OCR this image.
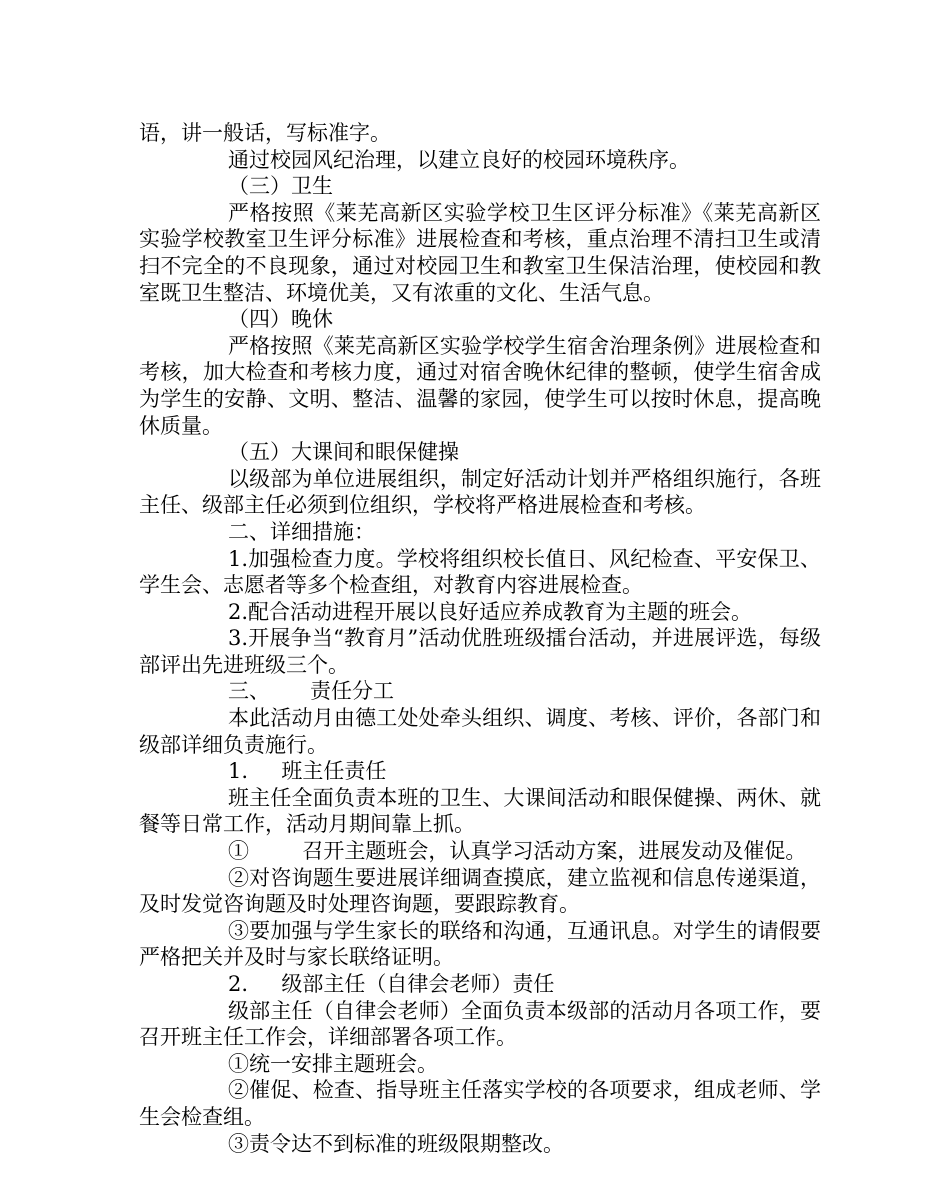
语，讲一般话，写标准字。

通过校园风纪治理，以建立良好的校园环境秩序。

（三）卫生

严格按照《莱芜高新区实验学校卫生区评分标准》《莱芜高新区实验学校教室卫生评分标准》进展检查和考核，重点治理不清扫卫生或清扫不完全的不良现象，通过对校园卫生和教室卫生保洁治理，使校园和教室既卫生整洁、环境优美，又有浓重的文化、生活气息。

（四）晚休

严格按照《莱芜高新区实验学校学生宿舍治理条例》进展检查和考核，加大检查和考核力度，通过对宿舍晚休纪律的整顿，使学生宿舍成为学生的安静、文明、整洁、温馨的家园，使学生可以按时休息，提高晚休质量。

（五）大课间和眼保健操

以级部为单位进展组织，制定好活动计划并严格组织施行，各班主任、级部主任必须到位组织，学校将严格进展检查和考核。

二、详细措施：

1.加强检查力度。学校将组织校长值日、风纪检查、平安保卫、学生会、志愿者等多个检查组，对教育内容进展检查。

2.配合活动进程开展以良好适应养成教育为主题的班会。

3.开展争当“教育月”活动优胜班级擂台活动，并进展评选，每级部评出先进班级三个。

三、      责任分工

本此活动月由德工处处牵头组织、调度、考核、评价，各部门和级部详细负责施行。

1.     班主任责任

班主任全面负责本班的卫生、大课间活动和眼保健操、两休、就餐等日常工作，活动月期间靠上抓。

①        召开主题班会，认真学习活动方案，进展发动及催促。

②对咨询题生要进展详细调查摸底，建立监视和信息传递渠道，及时发觉咨询题及时处理咨询题，要跟踪教育。

③要加强与学生家长的联络和沟通，互通讯息。对学生的请假要严格把关并及时与家长联络证明。

2.     级部主任（自律会老师）责任

级部主任（自律会老师）全面负责本级部的活动月各项工作，要召开班主任工作会，详细部署各项工作。

①统一安排主题班会。

②催促、检查、指导班主任落实学校的各项要求，组成老师、学生会检查组。

③责令达不到标准的班级限期整改。
